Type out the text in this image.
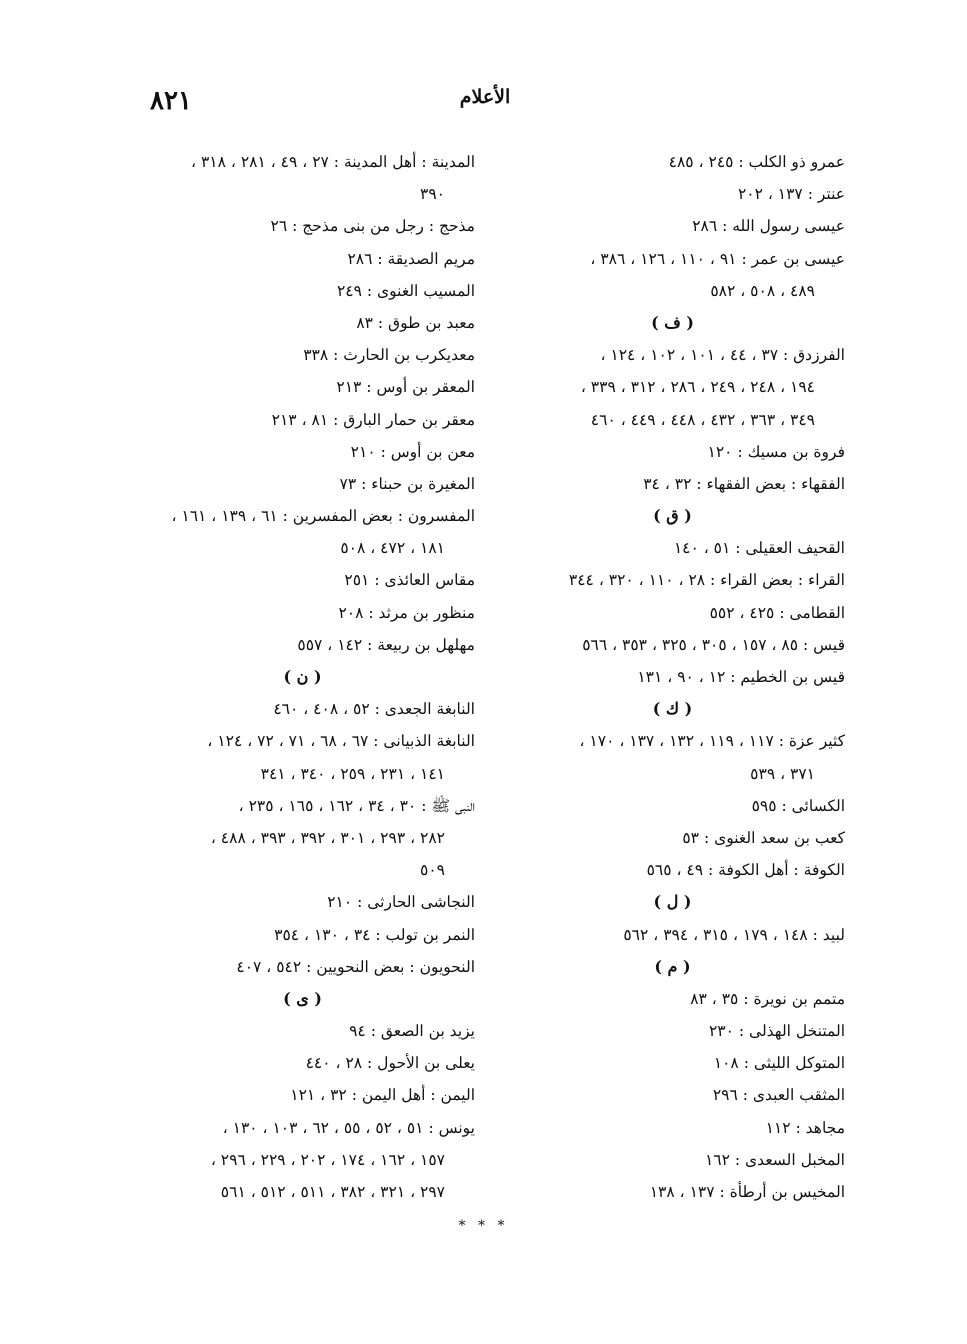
الأعلام
٨٢١
عمرو ذو الكلب : ٢٤٥ ، ٤٨٥
عنتر : ١٣٧ ، ٢٠٢
عيسى رسول الله : ٢٨٦
عيسى بن عمر : ٩١ ، ١١٠ ، ١٢٦ ، ٣٨٦ ،
٤٨٩ ، ٥٠٨ ، ٥٨٢
( ف )
الفرزدق : ٣٧ ، ٤٤ ، ١٠١ ، ١٠٢ ، ١٢٤ ،
١٩٤ ، ٢٤٨ ، ٢٤٩ ، ٢٨٦ ، ٣١٢ ، ٣٣٩ ،
٣٤٩ ، ٣٦٣ ، ٤٣٢ ، ٤٤٨ ، ٤٤٩ ، ٤٦٠
فروة بن مسيك : ١٢٠
الفقهاء : بعض الفقهاء : ٣٢ ، ٣٤
( ق )
القحيف العقيلى : ٥١ ، ١٤٠
القراء : بعض القراء : ٢٨ ، ١١٠ ، ٣٢٠ ، ٣٤٤
القطامى : ٤٢٥ ، ٥٥٢
قيس : ٨٥ ، ١٥٧ ، ٣٠٥ ، ٣٢٥ ، ٣٥٣ ، ٥٦٦
قيس بن الخطيم : ١٢ ، ٩٠ ، ١٣١
( ك )
كثير عزة : ١١٧ ، ١١٩ ، ١٣٢ ، ١٣٧ ، ١٧٠ ،
٣٧١ ، ٥٣٩
الكسائى : ٥٩٥
كعب بن سعد الغنوى : ٥٣
الكوفة : أهل الكوفة : ٤٩ ، ٥٦٥
( ل )
لبيد : ١٤٨ ، ١٧٩ ، ٣١٥ ، ٣٩٤ ، ٥٦٢
( م )
متمم بن نويرة : ٣٥ ، ٨٣
المتنخل الهذلى : ٢٣٠
المتوكل الليثى : ١٠٨
المثقب العبدى : ٢٩٦
مجاهد : ١١٢
المخبل السعدى : ١٦٢
المخيس بن أرطأة : ١٣٧ ، ١٣٨
المدينة : أهل المدينة : ٢٧ ، ٤٩ ، ٢٨١ ، ٣١٨ ،
٣٩٠
مذحج : رجل من بنى مذحج : ٢٦
مريم الصديقة : ٢٨٦
المسيب الغنوى : ٢٤٩
معبد بن طوق : ٨٣
معديكرب بن الحارث : ٣٣٨
المعقر بن أوس : ٢١٣
معقر بن حمار البارق : ٨١ ، ٢١٣
معن بن أوس : ٢١٠
المغيرة بن حبناء : ٧٣
المفسرون : بعض المفسرين : ٦١ ، ١٣٩ ، ١٦١ ،
١٨١ ، ٤٧٢ ، ٥٠٨
مقاس العائذى : ٢٥١
منظور بن مرثد : ٢٠٨
مهلهل بن ربيعة : ١٤٢ ، ٥٥٧
( ن )
النابغة الجعدى : ٥٢ ، ٤٠٨ ، ٤٦٠
النابغة الذبيانى : ٦٧ ، ٦٨ ، ٧١ ، ٧٢ ، ١٢٤ ،
١٤١ ، ٢٣١ ، ٢٥٩ ، ٣٤٠ ، ٣٤١
النبى ﷺ : ٣٠ ، ٣٤ ، ١٦٢ ، ١٦٥ ، ٢٣٥ ،
٢٨٢ ، ٢٩٣ ، ٣٠١ ، ٣٩٢ ، ٣٩٣ ، ٤٨٨ ،
٥٠٩
النجاشى الحارثى : ٢١٠
النمر بن تولب : ٣٤ ، ١٣٠ ، ٣٥٤
النحويون : بعض النحويين : ٥٤٢ ، ٤٠٧
( ى )
يزيد بن الصعق : ٩٤
يعلى بن الأحول : ٢٨ ، ٤٤٠
اليمن : أهل اليمن : ٣٢ ، ١٢١
يونس : ٥١ ، ٥٢ ، ٥٥ ، ٦٢ ، ١٠٣ ، ١٣٠ ،
١٥٧ ، ١٦٢ ، ١٧٤ ، ٢٠٢ ، ٢٢٩ ، ٢٩٦ ،
٢٩٧ ، ٣٢١ ، ٣٨٢ ، ٥١١ ، ٥١٢ ، ٥٦١
* * *
